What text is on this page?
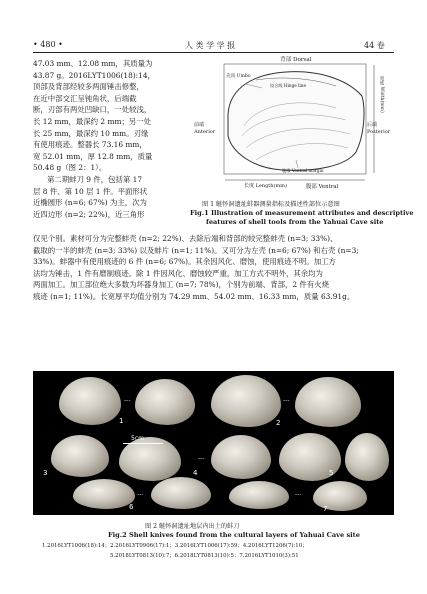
• 480 •	人 类 学 学 报	44 卷
47.03 mm、12.08 mm，其质量为
43.87 g。2016LYT1006(18):14，
顶部及背部经较多两面锤击修整，
在近中部交汇呈钝角状，后端截
断，刃部有两处凹缺口，一处较浅，
长 12 mm，最深约 2 mm；另一处
长 25 mm，最深约 10 mm。刃缘
有使用痕迹。整器长 73.16 mm，
宽 52.01 mm，厚 12.8 mm，质量
50.48 g（图 2：1）。
第二期蚌刀 9 件，包括第 17
层 8 件、第 10 层 1 件。平面形状
近椭圆形 (n=6; 67%) 为主，次为
近四边形 (n=2; 22%)，近三角形
背部 Dorsal
壳顶 Umbo
铰合线 Hinge line	宽度 Width(mm)
前端 Anterior
后端 Posterior
腹缘 Ventral margin
长度 Length(mm)	腹部 Ventral
图 1 鲢怀洞遗址蚌器测量指标及描述性部位示意图
Fig.1 Illustration of measurement attributes and descriptive
features of shell tools from the Yahuai Cave site
仅见个别。素材可分为完整蚌壳 (n=2; 22%)、去除后端和背部的较完整蚌壳 (n=3; 33%)、
截取的一半的蚌壳 (n=3; 33%) 以及蚌片 (n=1; 11%)。又可分为左壳 (n=6; 67%) 和右壳 (n=3;
33%)。蚌器中有使用痕迹的 6 件 (n=6; 67%)。其余因风化、磨蚀，使用痕迹不明。加工方
法均为锤击，1 件有磨制痕迹。除 1 件因风化、磨蚀较严重，加工方式不明外，其余均为
两面加工。加工部位绝大多数为坏器身加工 (n=7; 78%)，个别为前端、背部，2 件有火烧
痕迹 (n=1; 11%)。长宽厚平均值分别为 74.29 mm、54.02 mm、16.33 mm，质量 63.91g。
---	---
---	---
---	---
1	2
3	4	5
6	7
5cm
图 2 鲢怀洞遗址地层内出土的蚌刀
Fig.2 Shell knives found from the cultural layers of Yahuai Cave site
1.2016LYT1006(18):14；2.2016LYT0906(17):1；3.2016LYT1006(17):59；4.2016LYT1206(7):10；
5.2018LYT0813(10):7；6.2018LYT0813(10):5；7.2016LYT1010(3):51
